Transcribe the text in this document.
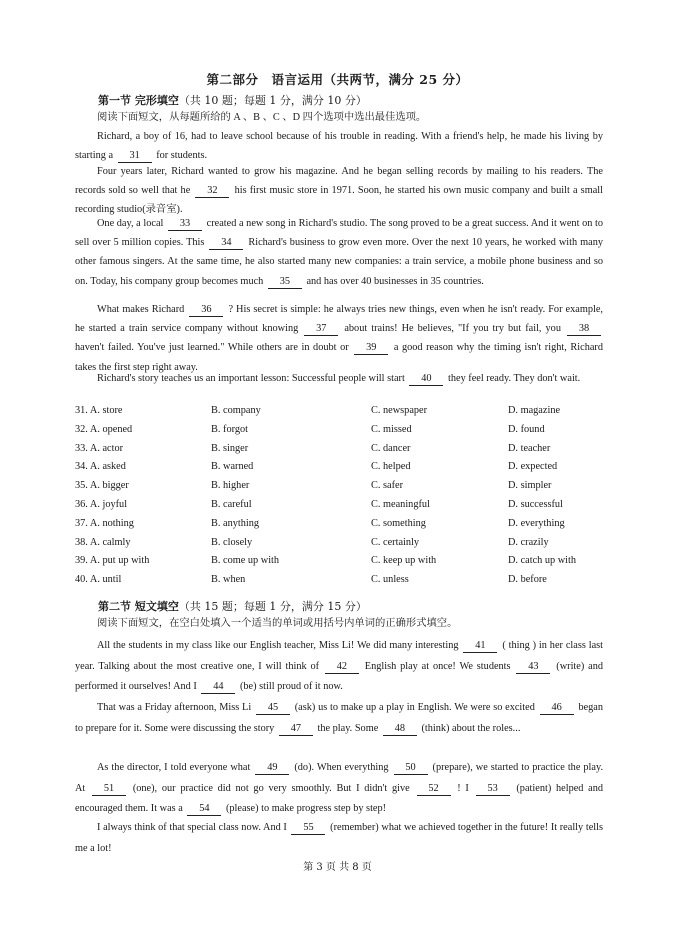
第二部分　语言运用（共两节，满分 25 分）
第一节 完形填空（共 10 题；每题 1 分，满分 10 分）
阅读下面短文，从每题所给的 A 、B 、C 、D 四个选项中选出最佳选项。
Richard, a boy of 16, had to leave school because of his trouble in reading. With a friend's help, he made his living by starting a 31 for students.
Four years later, Richard wanted to grow his magazine. And he began selling records by mailing to his readers. The records sold so well that he 32 his first music store in 1971. Soon, he started his own music company and built a small recording studio(录音室).
One day, a local 33 created a new song in Richard's studio. The song proved to be a great success. And it went on to sell over 5 million copies. This 34 Richard's business to grow even more. Over the next 10 years, he worked with many other famous singers. At the same time, he also started many new companies: a train service, a mobile phone business and so on. Today, his company group becomes much 35 and has over 40 businesses in 35 countries.
What makes Richard 36 ? His secret is simple: he always tries new things, even when he isn't ready. For example, he started a train service company without knowing 37 about trains! He believes, "If you try but fail, you 38 haven't failed. You've just learned." While others are in doubt or 39 a good reason why the timing isn't right, Richard takes the first step right away.
Richard's story teaches us an important lesson: Successful people will start 40 they feel ready. They don't wait.
31. A. store	B. company	C. newspaper	D. magazine
32. A. opened	B. forgot	C. missed	D. found
33. A. actor	B. singer	C. dancer	D. teacher
34. A. asked	B. warned	C. helped	D. expected
35. A. bigger	B. higher	C. safer	D. simpler
36. A. joyful	B. careful	C. meaningful	D. successful
37. A. nothing	B. anything	C. something	D. everything
38. A. calmly	B. closely	C. certainly	D. crazily
39. A. put up with	B. come up with	C. keep up with	D. catch up with
40. A. until	B. when	C. unless	D. before
第二节 短文填空（共 15 题；每题 1 分，满分 15 分）
阅读下面短文，在空白处填入一个适当的单词或用括号内单词的正确形式填空。
All the students in my class like our English teacher, Miss Li! We did many interesting 41 ( thing ) in her class last year. Talking about the most creative one, I will think of 42 English play at once! We students 43 (write) and performed it ourselves! And I 44 (be) still proud of it now.
That was a Friday afternoon, Miss Li 45 (ask) us to make up a play in English. We were so excited 46 began to prepare for it. Some were discussing the story 47 the play. Some 48 (think) about the roles...
As the director, I told everyone what 49 (do). When everything 50 (prepare), we started to practice the play. At 51 (one), our practice did not go very smoothly. But I didn't give 52 ! I 53 (patient) helped and encouraged them. It was a 54 (please) to make progress step by step!
I always think of that special class now. And I 55 (remember) what we achieved together in the future! It really tells me a lot!
第 3 页 共 8 页
